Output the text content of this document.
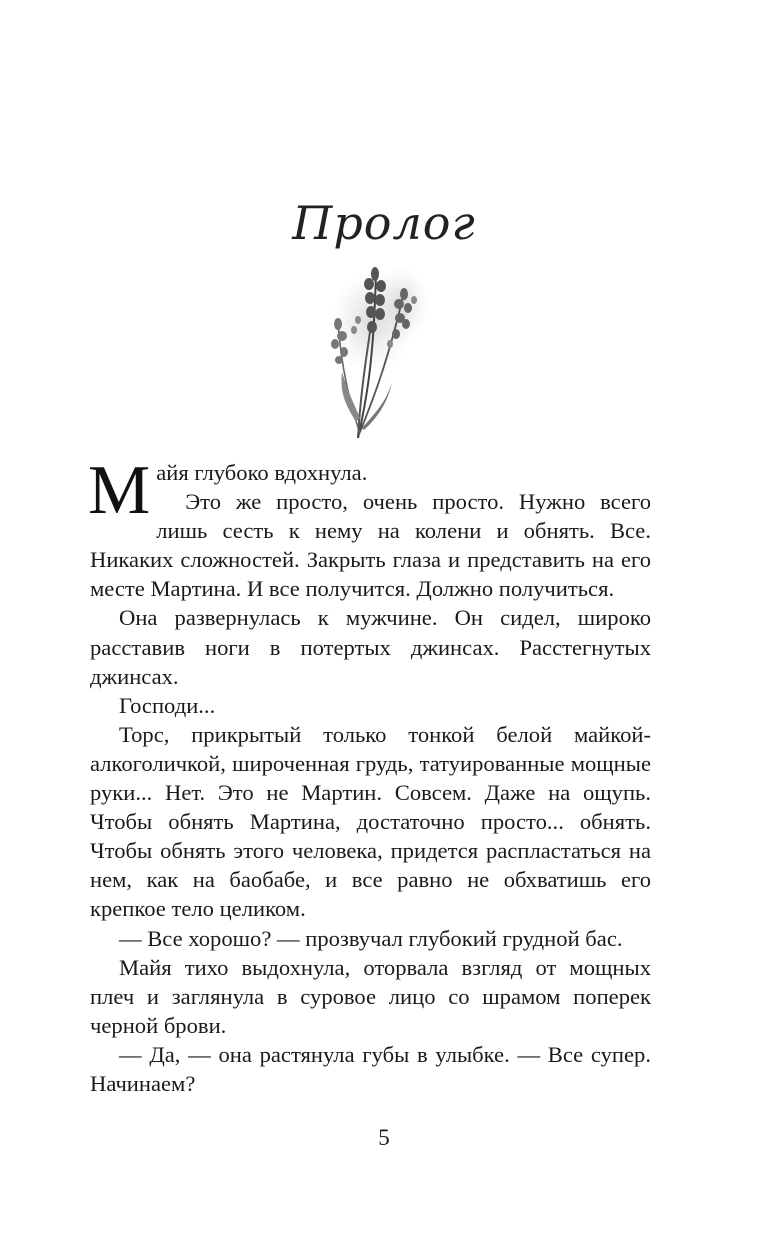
Пролог

Майя глубоко вдохнула.

Это же просто, очень просто. Нужно всего лишь сесть к нему на колени и обнять. Все. Никаких сложностей. Закрыть глаза и представить на его месте Мартина. И все получится. Должно получиться.

Она развернулась к мужчине. Он сидел, широко расставив ноги в потертых джинсах. Расстегнутых джинсах.

Господи...

Торс, прикрытый только тонкой белой майкой-алкоголичкой, широченная грудь, татуированные мощные руки... Нет. Это не Мартин. Совсем. Даже на ощупь. Чтобы обнять Мартина, достаточно просто... обнять. Чтобы обнять этого человека, придется распластаться на нем, как на баобабе, и все равно не обхватишь его крепкое тело целиком.

— Все хорошо? — прозвучал глубокий грудной бас.

Майя тихо выдохнула, оторвала взгляд от мощных плеч и заглянула в суровое лицо со шрамом поперек черной брови.

— Да, — она растянула губы в улыбке. — Все супер. Начинаем?

5
